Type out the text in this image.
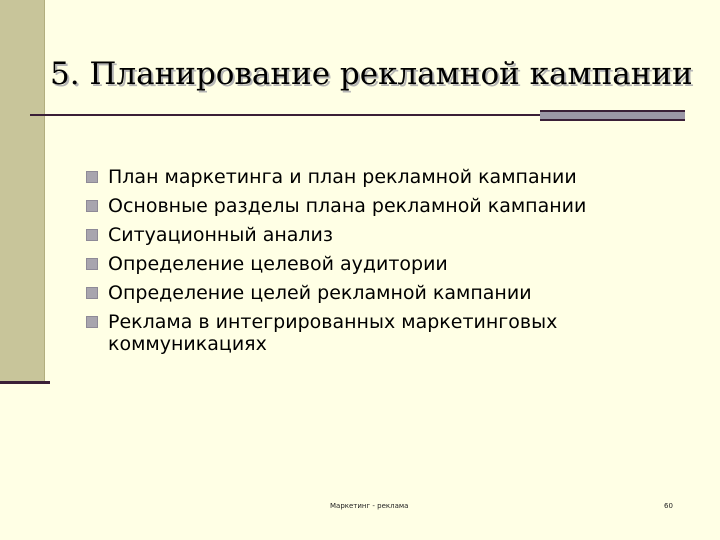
5. Планирование рекламной кампании
План маркетинга и план рекламной кампании
Основные разделы плана рекламной кампании
Ситуационный анализ
Определение целевой аудитории
Определение целей рекламной кампании
Реклама в интегрированных маркетинговых коммуникациях
Маркетинг - реклама	60
